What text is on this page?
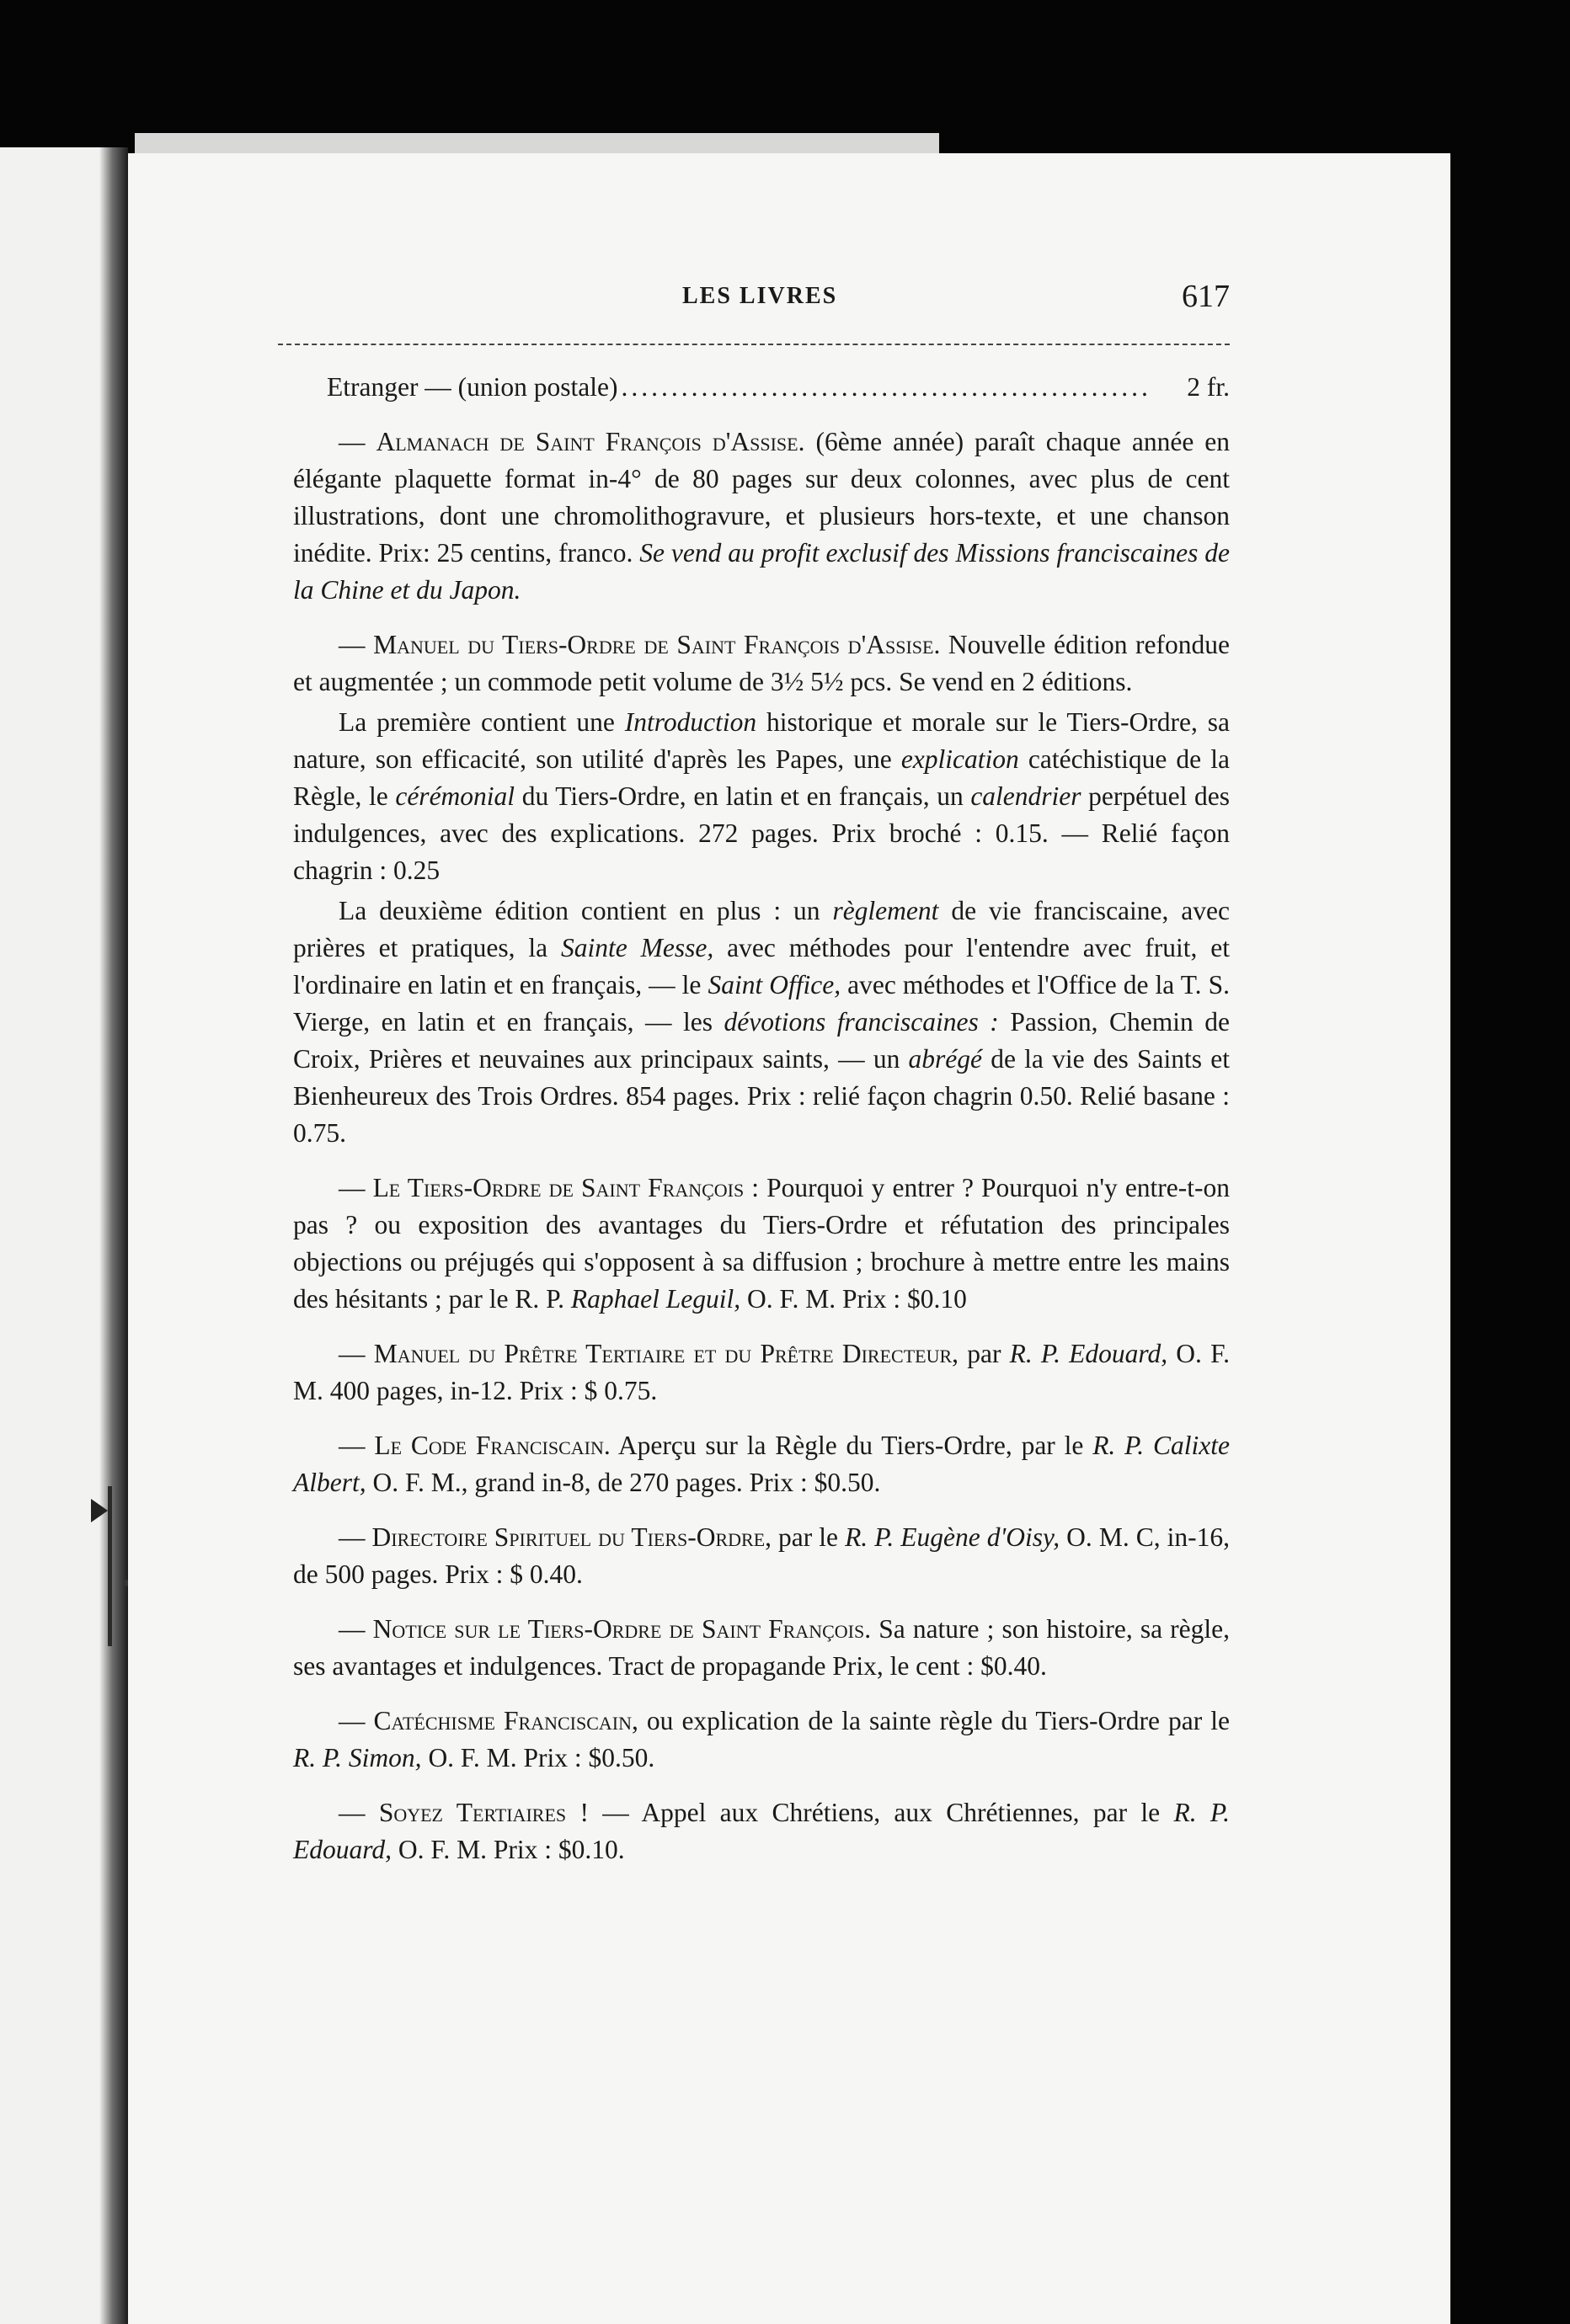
LES LIVRES	617

Etranger — (union postale)
.....	2 fr.

— Almanach de Saint François d'Assise. (6ème année) paraît chaque année en élégante plaquette format in-4° de 80 pages sur deux colonnes, avec plus de cent illustrations, dont une chromolithogravure, et plusieurs hors-texte, et une chanson inédite. Prix: 25 centins, franco. Se vend au profit exclusif des Missions franciscaines de la Chine et du Japon.

— Manuel du Tiers-Ordre de Saint François d'Assise. Nouvelle édition refondue et augmentée ; un commode petit volume de 3½ 5½ pcs. Se vend en 2 éditions.

La première contient une Introduction historique et morale sur le Tiers-Ordre, sa nature, son efficacité, son utilité d'après les Papes, une explication catéchistique de la Règle, le cérémonial du Tiers-Ordre, en latin et en français, un calendrier perpétuel des indulgences, avec des explications. 272 pages. Prix broché : 0.15. — Relié façon chagrin : 0.25

La deuxième édition contient en plus : un règlement de vie franciscaine, avec prières et pratiques, la Sainte Messe, avec méthodes pour l'entendre avec fruit, et l'ordinaire en latin et en français, — le Saint Office, avec méthodes et l'Office de la T. S. Vierge, en latin et en français, — les dévotions franciscaines : Passion, Chemin de Croix, Prières et neuvaines aux principaux saints, — un abrégé de la vie des Saints et Bienheureux des Trois Ordres. 854 pages. Prix : relié façon chagrin 0.50. Relié basane : 0.75.

— Le Tiers-Ordre de Saint François : Pourquoi y entrer ? Pourquoi n'y entre-t-on pas ? ou exposition des avantages du Tiers-Ordre et réfutation des principales objections ou préjugés qui s'opposent à sa diffusion ; brochure à mettre entre les mains des hésitants ; par le R. P. Raphael Leguil, O. F. M. Prix : $0.10

— Manuel du Prêtre Tertiaire et du Prêtre Directeur, par R. P. Edouard, O. F. M. 400 pages, in-12. Prix : $ 0.75.

— Le Code Franciscain. Aperçu sur la Règle du Tiers-Ordre, par le R. P. Calixte Albert, O. F. M., grand in-8, de 270 pages. Prix : $0.50.

— Directoire Spirituel du Tiers-Ordre, par le R. P. Eugène d'Oisy, O. M. C, in-16, de 500 pages. Prix : $ 0.40.

— Notice sur le Tiers-Ordre de Saint François. Sa nature ; son histoire, sa règle, ses avantages et indulgences. Tract de propagande Prix, le cent : $0.40.

— Catéchisme Franciscain, ou explication de la sainte règle du Tiers-Ordre par le R. P. Simon, O. F. M. Prix : $0.50.

— Soyez Tertiaires ! — Appel aux Chrétiens, aux Chrétiennes, par le R. P. Edouard, O. F. M. Prix : $0.10.
